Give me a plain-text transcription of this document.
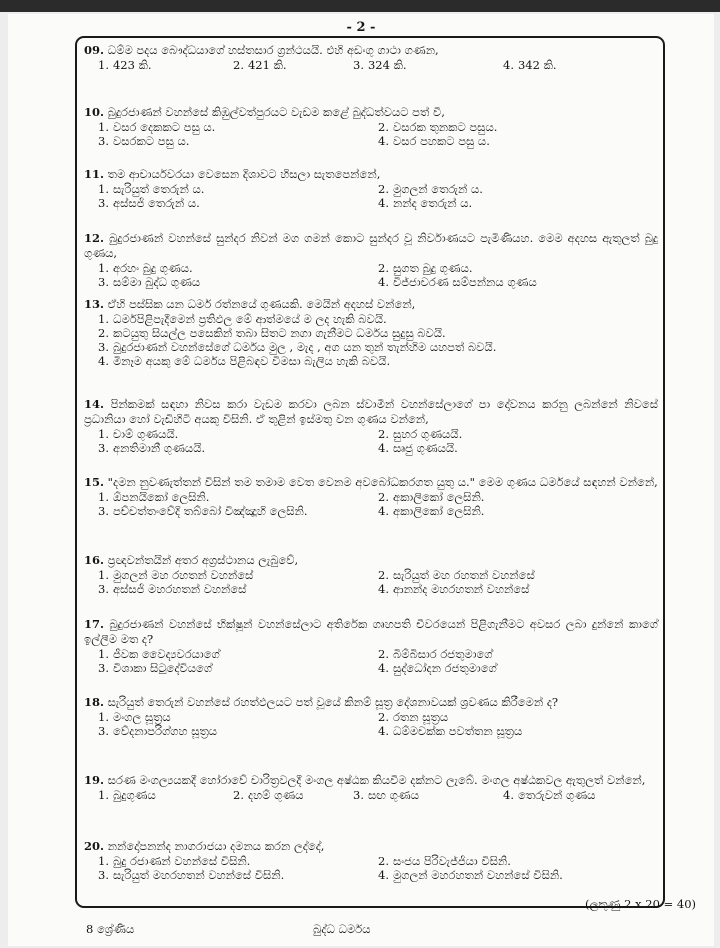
- 2 -
09. ධම්ම පදය බෞද්ධයාගේ හස්තසාර ග්‍රන්ථයයි. එහි අඩංගු ගාථා ගණන,
1. 423 කි.	2. 421 කි.	3. 324 කි.	4. 342 කි.
10. බුදුරජාණන් වහන්සේ කිඹුල්වත්පුරයට වැඩම කළේ බුද්ධත්වයට පත් වී,
1. වසර දෙකකට පසු ය.	2. වසරක තුනකට පසුය.
3. වසරකට පසු ය.	4. වසර පහකට පසු ය.
11. තම ආචාර්යවරයා වෙසෙන දිශාවට හිසලා සැතපෙන්නේ,
1. සැරියුත් තෙරුන් ය.	2. මුගලන් තෙරුන් ය.
3. අස්සජි තෙරුන් ය.	4. නන්ද තෙරුන් ය.
12. බුදුරජාණන් වහන්සේ සුන්දර නිවන් මග ගමන් කොට සුන්දර වූ නිර්වාණයට පැමිණියහ. මෙම අදහස ඇතුලත් බුදු ගුණය,
1. අරහං බුදු ගුණය.	2. සුගත බුදු ගුණය.
3. සම්මා බුද්ධ ගුණය	4. විජ්ජාචරණ සම්පන්නය ගුණය
13. ඒහි පස්සික යන ධර්ම රත්නයේ ගුණයකි. මෙයින් අදහස් වන්නේ,
1. ධර්මපිළිපැදීමෙන් ප්‍රතිඵල මේ ආත්මයේ ම ලද හැකි බවයි.
2. කටයුතු සියල්ල පසෙකින් තබා සිතට නගා ගැනීමට ධර්මය සුදුසු බවයි.
3. බුදුරජාණන් වහන්සේගේ ධර්මය මුල , මැද , අග යන තුන් තැන්හිම යහපත් බවයි.
4. මිනෑම අයකු මේ ධර්මය පිළිබඳව විමසා බැලිය හැකි බවයි.
14. පින්කමක් සඳහා නිවස කරා වැඩම කරවා ලබන ස්වාමීන් වහන්සේලාගේ පා දෝවනය කරනු ලබන්නේ නිවසේ ප්‍රධානියා හෝ වැඩිහිටි අයකු විසිනි. ඒ තුළින් ඉස්මතු වන ගුණය වන්නේ,
1. චාම් ගුණයයි.	2. සුහර ගුණයයි.
3. අනතිමානී ගුණයයි.	4. සෘජු ගුණයයි.
15. "දමන නුවණැත්තන් විසින් තම තමාම වෙත වෙනම අවබෝධකරගත යුතු ය." මෙම ගුණය ධර්මයේ සඳහන් වන්නේ,
1. ඕපනයිකෝ ලෙසිනි.	2. අකාලිකෝ ලෙසිනි.
3. පච්චත්තංවේදි තබ්බෝ විඤ්ඤූහි ලෙසිනි.	4. අකාලිකෝ ලෙසිනි.
16. ප්‍රඥවන්තයින් අතර අග්‍රස්ථානය ලැබුවේ,
1. මුගලන් මහ රහතන් වහන්සේ	2. සැරියුත් මහ රහතන් වහන්සේ
3. අස්සජි මහරහතන් වහන්සේ	4. ආනන්ද මහරහතන් වහන්සේ
17. බුදුරජාණන් වහන්සේ භික්ෂූන් වහන්සේලාට අතිරේක ගෘහපති චීවරයෙන් පිළිගැනීමට අවසර ලබා දුන්නේ කාගේ ඉල්ලීම මත ද?
1. ජීවක වෛද්‍යවරයාගේ	2. බිම්බිසාර රජතුමාගේ
3. විශාකා සිටුදේවියගේ	4. සුද්ධෝදන රජතුමාගේ
18. සැරියුත් තෙරුන් වහන්සේ රහත්ඵලයට පත් වූයේ කිනම් සූත්‍ර දේශනාවයක් ශ්‍රවණය කිරීමෙන් ද?
1. මංගල සූත්‍රය	2. රතන සූත්‍රය
3. වේදනාපරිග්ගහ සූත්‍රය	4. ධම්මචක්ක පවත්තන සූත්‍රය
19. සරණ මංගල්‍යයකදී හෝරාවේ චාරිත්‍රවලදී මංගල අෂ්ඨක කියවීම දක්නට ලැබේ. මංගල අෂ්ඨකවල ඇතුලත් වන්නේ,
1. බුදුගුණය	2. දහම් ගුණය	3. සඟ ගුණය	4. තෙරුවන් ගුණය
20. නන්දෝපනන්ද නාගරාජයා දමනය කරන ලද්දේ,
1. බුදු රජාණන් වහන්සේ විසිනි.	2. සංජය පිරිවැජ්ජියා විසිනි.
3. සැරියුත් මහරහතන් වහන්සේ විසිනි.	4. මුගලන් මහරහතන් වහන්සේ විසිනි.
(ලකුණු 2 x 20 = 40)
8 ශ්‍රේණිය	බුද්ධ ධර්මය
